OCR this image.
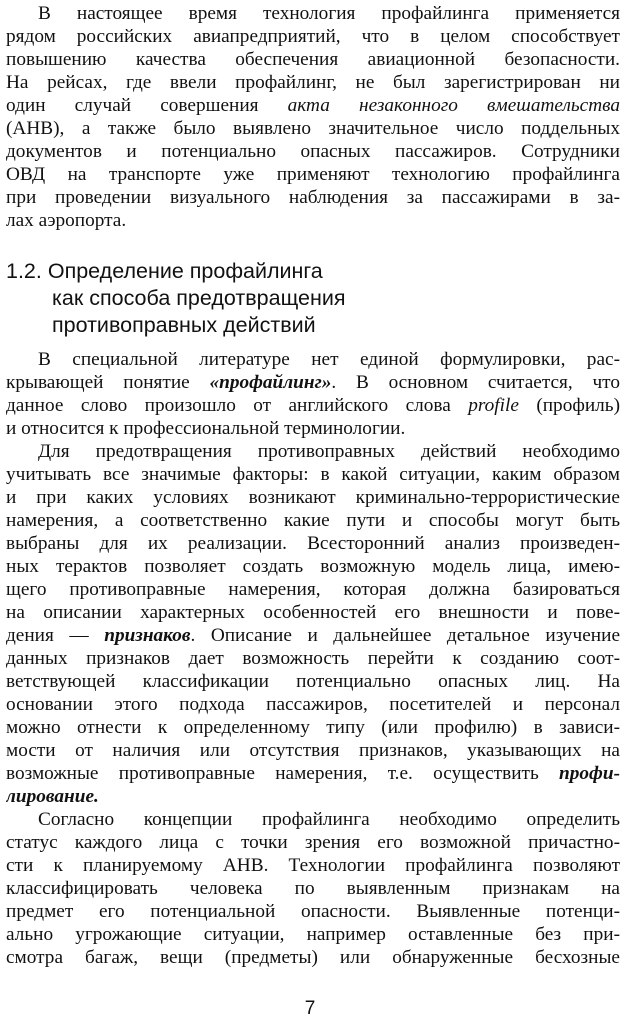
В настоящее время технология профайлинга применяется
рядом российских авиапредприятий, что в целом способствует
повышению качества обеспечения авиационной безопасности.
На рейсах, где ввели профайлинг, не был зарегистрирован ни
один случай совершения акта незаконного вмешательства
(АНВ), а также было выявлено значительное число поддельных
документов и потенциально опасных пассажиров. Сотрудники
ОВД на транспорте уже применяют технологию профайлинга
при проведении визуального наблюдения за пассажирами в за-
лах аэропорта.
1.2. Определение профайлинга
как способа предотвращения
противоправных действий
В специальной литературе нет единой формулировки, рас-
крывающей понятие «профайлинг». В основном считается, что
данное слово произошло от английского слова profile (профиль)
и относится к профессиональной терминологии.
Для предотвращения противоправных действий необходимо
учитывать все значимые факторы: в какой ситуации, каким образом
и при каких условиях возникают криминально-террористические
намерения, а соответственно какие пути и способы могут быть
выбраны для их реализации. Всесторонний анализ произведен-
ных терактов позволяет создать возможную модель лица, имею-
щего противоправные намерения, которая должна базироваться
на описании характерных особенностей его внешности и пове-
дения — признаков. Описание и дальнейшее детальное изучение
данных признаков дает возможность перейти к созданию соот-
ветствующей классификации потенциально опасных лиц. На
основании этого подхода пассажиров, посетителей и персонал
можно отнести к определенному типу (или профилю) в зависи-
мости от наличия или отсутствия признаков, указывающих на
возможные противоправные намерения, т.е. осуществить профи-
лирование.
Согласно концепции профайлинга необходимо определить
статус каждого лица с точки зрения его возможной причастно-
сти к планируемому АНВ. Технологии профайлинга позволяют
классифицировать человека по выявленным признакам на
предмет его потенциальной опасности. Выявленные потенци-
ально угрожающие ситуации, например оставленные без при-
смотра багаж, вещи (предметы) или обнаруженные бесхозные
7
